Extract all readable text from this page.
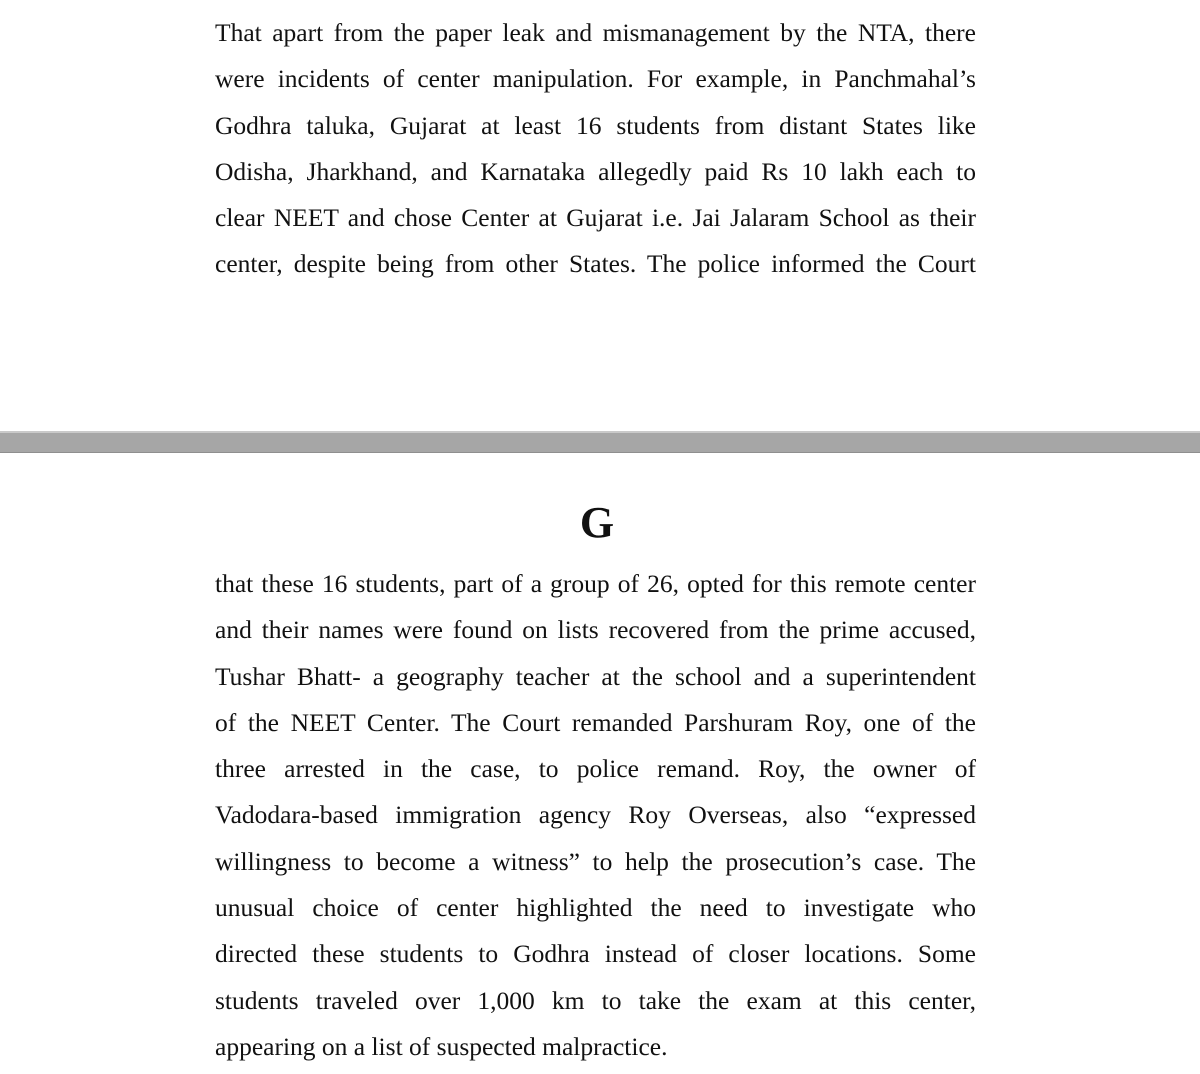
That apart from the paper leak and mismanagement by the NTA, there
were incidents of center manipulation. For example, in Panchmahal’s
Godhra taluka, Gujarat at least 16 students from distant States like
Odisha, Jharkhand, and Karnataka allegedly paid Rs 10 lakh each to
clear NEET and chose Center at Gujarat i.e. Jai Jalaram School as their
center, despite being from other States. The police informed the Court
G
that these 16 students, part of a group of 26, opted for this remote center
and their names were found on lists recovered from the prime accused,
Tushar Bhatt- a geography teacher at the school and a superintendent
of the NEET Center. The Court remanded Parshuram Roy, one of the
three arrested in the case, to police remand. Roy, the owner of
Vadodara-based immigration agency Roy Overseas, also “expressed
willingness to become a witness” to help the prosecution’s case. The
unusual choice of center highlighted the need to investigate who
directed these students to Godhra instead of closer locations. Some
students traveled over 1,000 km to take the exam at this center,
appearing on a list of suspected malpractice.
